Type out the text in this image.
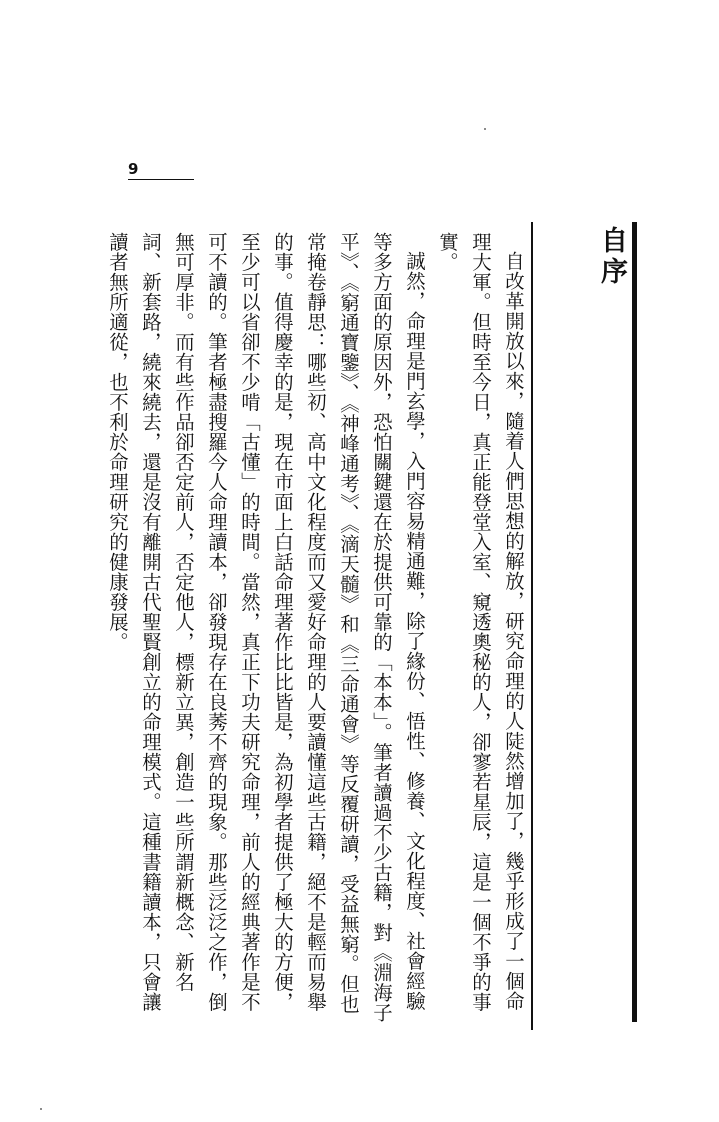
9
自序

自改革開放以來，隨着人們思想的解放，研究命理的人陡然增加了，幾乎形成了一個命理大軍。但時至今日，真正能登堂入室、窺透奧秘的人，卻寥若星辰，這是一個不爭的事實。

誠然，命理是門玄學，入門容易精通難，除了緣份、悟性、修養、文化程度、社會經驗等多方面的原因外，恐怕關鍵還在於提供可靠的「本本」。筆者讀過不少古籍，對《淵海子平》、《窮通寶鑒》、《神峰通考》、《滴天髓》和《三命通會》等反覆研讀，受益無窮。但也常掩卷靜思：哪些初、高中文化程度而又愛好命理的人要讀懂這些古籍，絕不是輕而易舉的事。值得慶幸的是，現在市面上白話命理著作比比皆是，為初學者提供了極大的方便，至少可以省卻不少啃「古懂」的時間。當然，真正下功夫研究命理，前人的經典著作是不可不讀的。筆者極盡搜羅今人命理讀本，卻發現存在良莠不齊的現象。那些泛泛之作，倒無可厚非。而有些作品卻否定前人，否定他人，標新立異，創造一些所謂新概念、新名詞、新套路，繞來繞去，還是沒有離開古代聖賢創立的命理模式。這種書籍讀本，只會讓讀者無所適從，也不利於命理研究的健康發展。
